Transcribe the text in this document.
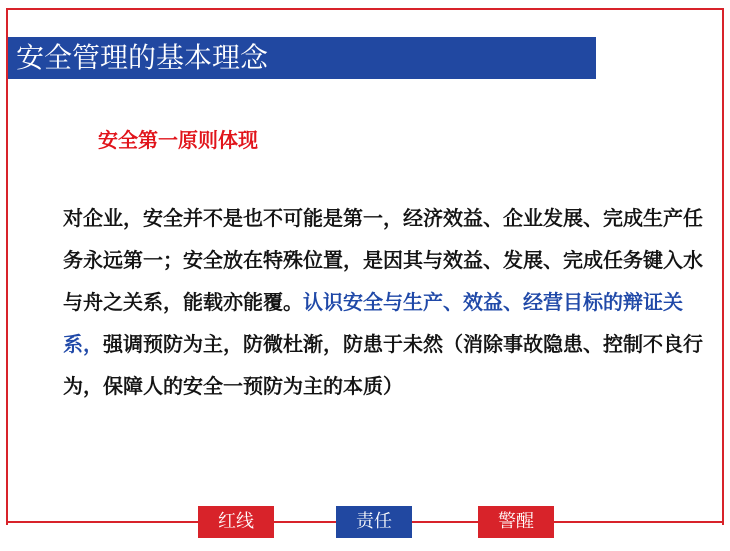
安全管理的基本理念
安全第一原则体现
对企业，安全并不是也不可能是第一，经济效益、企业发展、完成生产任务永远第一；安全放在特殊位置，是因其与效益、发展、完成任务键入水与舟之关系，能载亦能覆。认识安全与生产、效益、经营目标的辩证关系，强调预防为主，防微杜渐，防患于未然（消除事故隐患、控制不良行为，保障人的安全一预防为主的本质）
红线	责任	警醒
